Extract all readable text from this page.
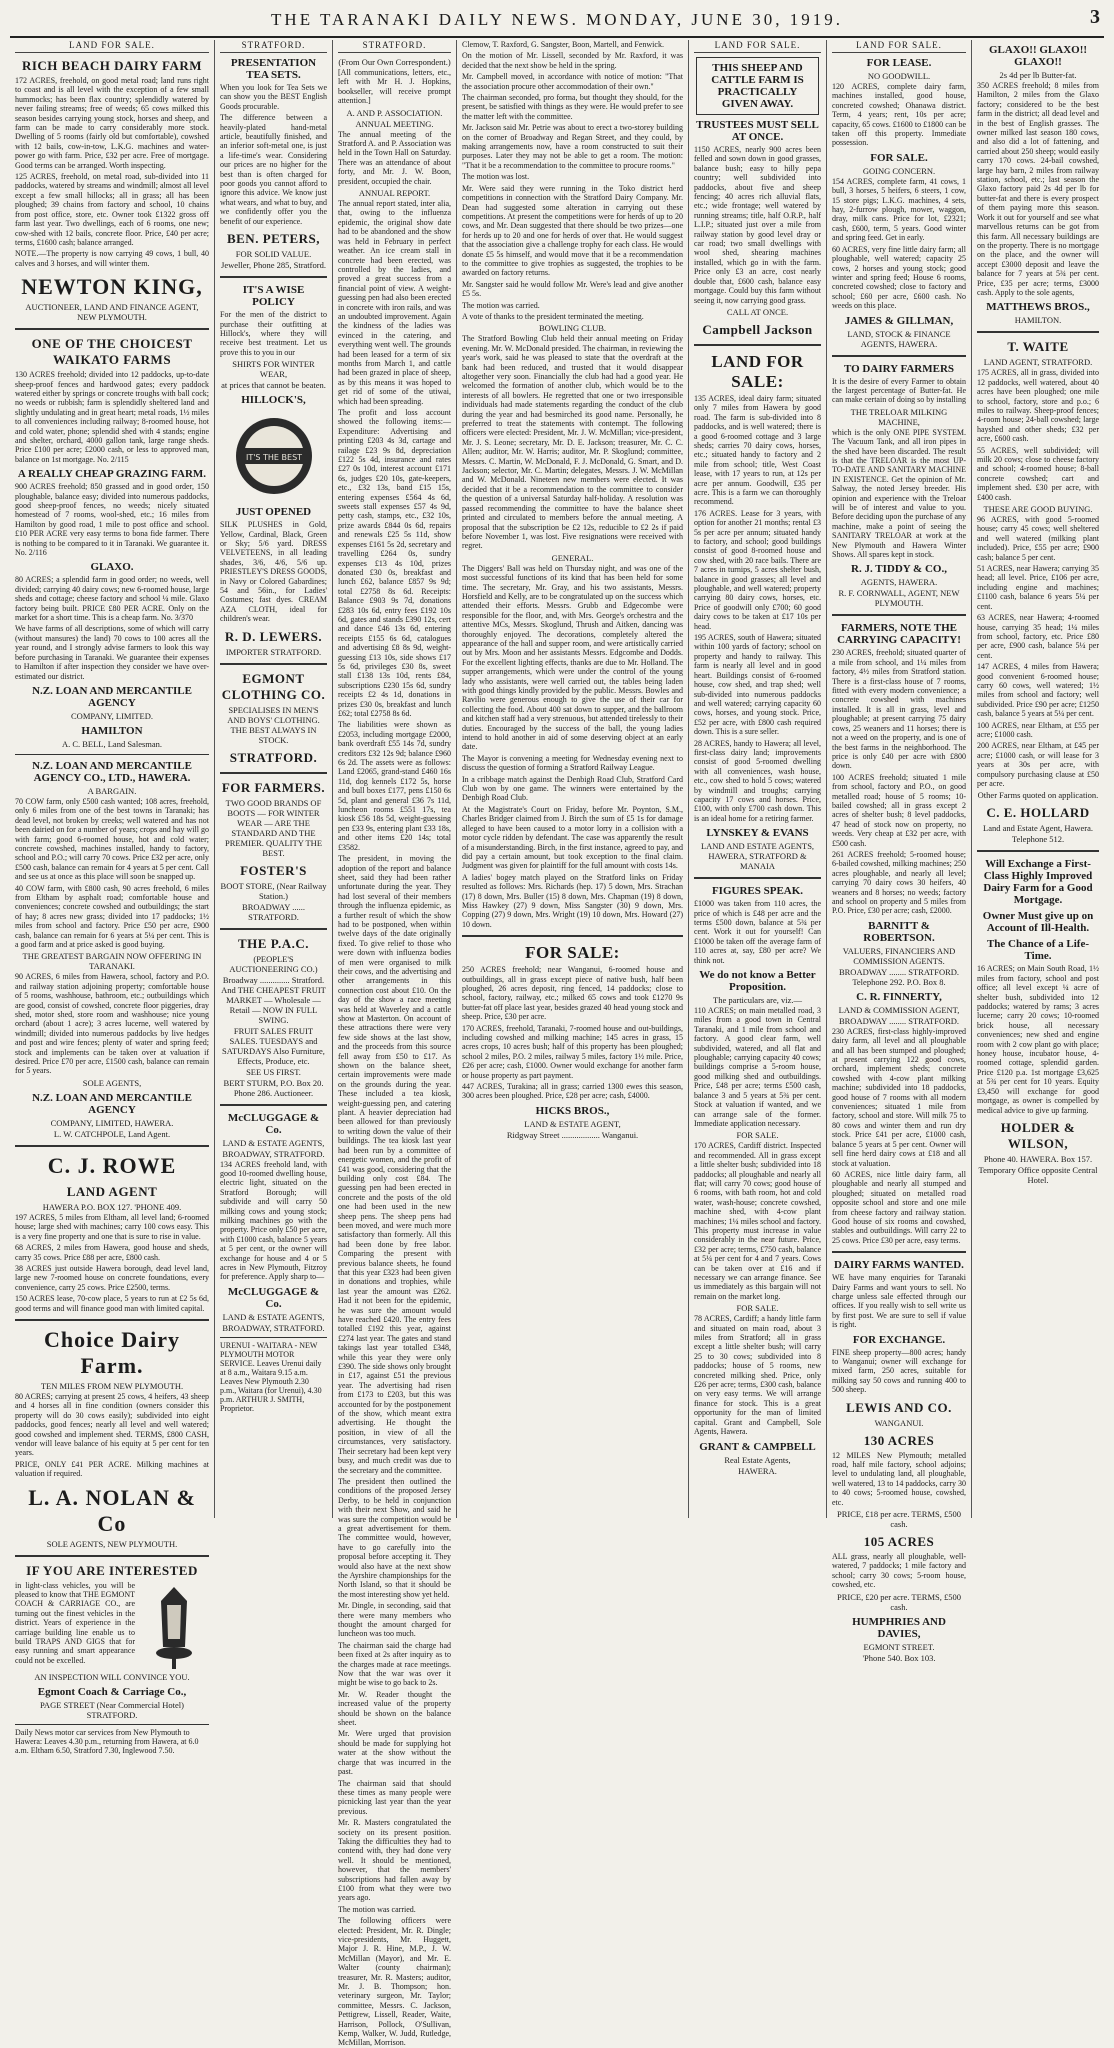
THE TARANAKI DAILY NEWS. MONDAY, JUNE 30, 1919.	3
LAND FOR SALE.
RICH BEACH DAIRY FARM

172 ACRES, freehold, on good metal road; land runs right to coast and is all level with the exception of a few small hummocks; has been flax country; splendidly watered by never failing streams; free of weeds; 65 cows milked this season besides carrying young stock, horses and sheep, and farm can be made to carry considerably more stock. Dwelling of 5 rooms (fairly old but comfortable), cowshed with 12 bails, cow-in-tow, L.K.G. machines and water-power go with farm. Price, £32 per acre. Free of mortgage. Good terms can be arranged. Worth inspecting.

125 ACRES, freehold, on metal road, sub-divided into 11 paddocks, watered by streams and windmill; almost all level except a few small hillocks; all in grass; all has been ploughed; 39 chains from factory and school, 10 chains from post office, store, etc. Owner took £1322 gross off farm last year. Two dwellings, each of 6 rooms, one new; cow-shed with 12 bails, concrete floor. Price, £40 per acre; terms, £1600 cash; balance arranged.

NOTE.—The property is now carrying 49 cows, 1 bull, 40 calves and 3 horses, and will winter them.

NEWTON KING,
AUCTIONEER, LAND AND FINANCE AGENT, NEW PLYMOUTH.
ONE OF THE CHOICEST WAIKATO FARMS

130 ACRES freehold; divided into 12 paddocks, up-to-date sheep-proof fences and hardwood gates; every paddock watered either by springs or concrete troughs with ball cock; no weeds or rubbish; farm is splendidly sheltered land and slightly undulating and in great heart; metal roads, 1½ miles to all conveniences including railway; 8-roomed house, hot and cold water, phone; splendid shed with 4 stands; engine and shelter, orchard, 4000 gallon tank, large range sheds. Price £100 per acre; £2000 cash, or less to approved man, balance on 1st mortgage. No. 2/115

A REALLY CHEAP GRAZING FARM.

900 ACRES freehold; 850 grassed and in good order, 150 ploughable, balance easy; divided into numerous paddocks, good sheep-proof fences, no weeds; nicely situated homestead of 7 rooms, wool-shed, etc.; 16 miles from Hamilton by good road, 1 mile to post office and school. £10 PER ACRE very easy terms to bona fide farmer. There is nothing to be compared to it in Taranaki. We guarantee it. No. 2/116

GLAXO.

80 ACRES; a splendid farm in good order; no weeds, well divided; carrying 40 dairy cows; new 6-roomed house, large sheds and cottage; cheese factory and school ¼ mile. Glaxo factory being built. PRICE £80 PER ACRE. Only on the market for a short time. This is a cheap farm. No. 3/370

We have farms of all descriptions, some of which will carry (without mansures) the land) 70 cows to 100 acres all the year round, and I strongly advise farmers to look this way before purchasing in Taranaki. We guarantee their expenses to Hamilton if after inspection they consider we have over-estimated our district.

N.Z. LOAN AND MERCANTILE AGENCY
COMPANY, LIMITED.
HAMILTON
A. C. BELL, Land Salesman.
N.Z. LOAN AND MERCANTILE AGENCY CO., LTD., HAWERA.
A BARGAIN.

70 COW farm, only £500 cash wanted; 108 acres, freehold, only 6 miles from one of the best towns in Taranaki; has dead level, not broken by creeks; well watered and has not been dairied on for a number of years; crops and hay will go with farm; good 6-roomed house, hot and cold water; concrete cowshed, machines installed, handy to factory, school and P.O.; will carry 70 cows. Price £32 per acre, only £500 cash, balance can remain for 4 years at 5 per cent. Call and see us at once as this place will soon be snapped up.

40 COW farm, with £800 cash, 90 acres freehold, 6 miles from Eltham by asphalt road; comfortable house and conveniences; concrete cowshed and outbuildings; the start of hay; 8 acres new grass; divided into 17 paddocks; 1½ miles from school and factory. Price £50 per acre, £900 cash, balance can remain for 6 years at 5¼ per cent. This is a good farm and at price asked is good buying.

THE GREATEST BARGAIN NOW OFFERING IN TARANAKI.

90 ACRES, 6 miles from Hawera, school, factory and P.O. and railway station adjoining property; comfortable house of 5 rooms, washhouse, bathroom, etc.; outbuildings which are good, consist of cowshed, concrete floor piggeries, dray shed, motor shed, store room and washhouse; nice young orchard (about 1 acre); 3 acres lucerne, well watered by windmill; divided into numerous paddocks by live hedges and post and wire fences; plenty of water and spring feed; stock and implements can be taken over at valuation if desired. Price £70 per acre, £1500 cash, balance can remain for 5 years.

SOLE AGENTS,
N.Z. LOAN AND MERCANTILE AGENCY
COMPANY, LIMITED, HAWERA.
L. W. CATCHPOLE, Land Agent.
C. J. ROWE
LAND AGENT
HAWERA P.O. BOX 127. 'PHONE 409.

197 ACRES, 5 miles from Eltham, all level land; 6-roomed house; large shed with machines; carry 100 cows easy. This is a very fine property and one that is sure to rise in value.

68 ACRES, 2 miles from Hawera, good house and sheds, carry 35 cows. Price £88 per acre, £800 cash.

38 ACRES just outside Hawera borough, dead level land, large new 7-roomed house on concrete foundations, every convenience, carry 25 cows. Price £2500, terms.

150 ACRES lease, 70-cow place, 5 years to run at £2 5s 6d, good terms and will finance good man with limited capital.

Choice Dairy Farm.
TEN MILES FROM NEW PLYMOUTH.

80 ACRES; carrying at present 25 cows, 4 heifers, 43 sheep and 4 horses all in fine condition (owners consider this property will do 30 cows easily); subdivided into eight paddocks, good fences; nearly all level and well watered; good cowshed and implement shed. TERMS, £800 CASH, vendor will leave balance of his equity at 5 per cent for ten years.

PRICE, ONLY £41 PER ACRE. Milking machines at valuation if required.

L. A. NOLAN & Co
SOLE AGENTS, NEW PLYMOUTH.
IF YOU ARE INTERESTED

in light-class vehicles, you will be pleased to know that THE EGMONT COACH & CARRIAGE CO., are turning out the finest vehicles in the district. Years of experience in the carriage building line enable us to build TRAPS AND GIGS that for easy running and smart appearance could not be excelled.

AN INSPECTION WILL CONVINCE YOU.
Egmont Coach & Carriage Co.,
PAGE STREET (Near Commercial Hotel) STRATFORD.
Daily News motor car services from New Plymouth to Hawera: Leaves 4.30 p.m., returning from Hawera, at 6.0 a.m. Eltham 6.50, Stratford 7.30, Inglewood 7.50.
STRATFORD.
PRESENTATION TEA SETS.

When you look for Tea Sets we can show you the BEST English Goods procurable.

The difference between a heavily-plated hand-metal article, beautifully finished, and an inferior soft-metal one, is just a life-time's wear. Considering our prices are no higher for the best than is often charged for poor goods you cannot afford to ignore this advice. We know just what wears, and what to buy, and we confidently offer you the benefit of our experience.

BEN. PETERS,
FOR SOLID VALUE.
Jeweller, Phone 285, Stratford.
IT'S A WISE POLICY

For the men of the district to purchase their outfitting at Hillock's, where they will receive best treatment. Let us prove this to you in our

SHIRTS FOR WINTER WEAR,
at prices that cannot be beaten.
HILLOCK'S,
IT'S THE BEST
JUST OPENED

SILK PLUSHES in Gold, Yellow, Cardinal, Black, Green or Sky; 5/6 yard. DRESS VELVETEENS, in all leading shades, 3/6, 4/6, 5/6 up. PRIESTLEY'S DRESS GOODS, in Navy or Colored Gabardines; 54 and 56in., for Ladies' Costumes; fast dyes. CREAM AZA CLOTH, ideal for children's wear.

R. D. LEWERS.
IMPORTER STRATFORD.
EGMONT CLOTHING CO.
SPECIALISES IN MEN'S AND BOYS' CLOTHING. THE BEST ALWAYS IN STOCK.
STRATFORD.
FOR FARMERS.
TWO GOOD BRANDS OF BOOTS — FOR WINTER WEAR — ARE THE STANDARD AND THE PREMIER. QUALITY THE BEST.
FOSTER'S
BOOT STORE, (Near Railway Station.)
BROADWAY ...... STRATFORD.
THE P.A.C.
(PEOPLE'S AUCTIONEERING CO.)
Broadway .............. Stratford. And THE CHEAPEST FRUIT MARKET — Wholesale — Retail — NOW IN FULL SWING.
FRUIT SALES FRUIT SALES. TUESDAYS and SATURDAYS Also Furniture, Effects, Produce, etc.
SEE US FIRST.
BERT STURM, P.O. Box 20. Phone 286. Auctioneer.
McCLUGGAGE & Co.
LAND & ESTATE AGENTS,
BROADWAY, STRATFORD.

134 ACRES freehold land, with good 10-roomed dwelling house, electric light, situated on the Stratford Borough; will subdivide and will carry 50 milking cows and young stock; milking machines go with the property. Price only £50 per acre, with £1000 cash, balance 5 years at 5 per cent, or the owner will exchange for house and 4 or 5 acres in New Plymouth, Fitzroy for preference. Apply sharp to—

McCLUGGAGE & Co.
LAND & ESTATE AGENTS,
BROADWAY, STRATFORD.
URENUI - WAITARA - NEW PLYMOUTH MOTOR SERVICE. Leaves Urenui daily at 8 a.m., Waitara 9.15 a.m. Leaves New Plymouth 2.30 p.m., Waitara (for Urenui), 4.30 p.m. ARTHUR J. SMITH, Proprietor.
STRATFORD.
(From Our Own Correspondent.)

[All communications, letters, etc., left with Mr H. J. Hopkins, bookseller, will receive prompt attention.]

A. AND P. ASSOCIATION.
ANNUAL MEETING.

The annual meeting of the Stratford A. and P. Association was held in the Town Hall on Saturday. There was an attendance of about forty, and Mr. J. W. Boon, president, occupied the chair.

ANNUAL REPORT.

The annual report stated, inter alia, that, owing to the influenza epidemic, the original show date had to be abandoned and the show was held in February in perfect weather. An ice cream stall in concrete had been erected, was controlled by the ladies, and proved a great success from a financial point of view. A weight-guessing pen had also been erected in concrete with iron rails, and was an undoubted improvement. Again the kindness of the ladies was evinced in the catering, and everything went well. The grounds had been leased for a term of six months from March 1, and cattle had been grazed in place of sheep, as by this means it was hoped to get rid of some of the utiwai, which had been spreading.

The profit and loss account showed the following items:—Expenditure: Advertising and printing £203 4s 3d, cartage and railage £23 9s 8d, depreciation £122 5s 4d, insurance and rates £27 0s 10d, interest account £171 6s, judges £20 10s, gate-keepers, etc., £32 13s, band £15 15s, entering expenses £564 4s 6d, sweets stall expenses £57 4s 9d, petty cash, stamps, etc., £32 10s, prize awards £844 0s 6d, repairs and renewals £25 5s 11d, show expenses £161 5s 2d, secretary and travelling £264 0s, sundry expenses £13 4s 10d, prizes donated £30 0s, breakfast and lunch £62, balance £857 9s 9d; total £2758 8s 6d. Receipts: Balance £903 9s 7d, donations £283 10s 6d, entry fees £192 10s 6d, gates and stands £390 12s, cert and dance £46 13s 6d, entering receipts £155 6s 6d, catalogues and advertising £8 8s 9d, weight-guessing £13 10s, side shows £17 5s 6d, privileges £30 8s, sweet stall £138 13s 10d, rents £84, subscriptions £230 15s 6d, sundry receipts £2 4s 1d, donations in prizes £30 0s, breakfast and lunch £62; total £2758 8s 6d.

The liabilities were shown as £2053, including mortgage £2000, bank overdraft £55 14s 7d, sundry creditors £32 12s 9d; balance £960 6s 2d. The assets were as follows: Land £2065, grand-stand £460 16s 11d, dog kennels £172 5s, horse and bull boxes £177, pens £150 6s 5d, plant and general £36 7s 11d, luncheon rooms £551 17s, tea kiosk £56 18s 5d, weight-guessing pen £33 9s, entering plant £33 18s, and other items £20 14s; total £3582.

The president, in moving the adoption of the report and balance sheet, said they had been rather unfortunate during the year. They had lost several of their members through the influenza epidemic, as a further result of which the show had to be postponed, when within twelve days of the date originally fixed. To give relief to those who were down with influenza bodies of men were organised to milk their cows, and the advertising and other arrangements in this connection cost about £10. On the day of the show a race meeting was held at Waverley and a cattle show at Masterton. On account of these attractions there were very few side shows at the last show, and the proceeds from this source fell away from £50 to £17. As shown on the balance sheet, certain improvements were made on the grounds during the year. These included a tea kiosk, weight-guessing pen, and catering plant. A heavier depreciation had been allowed for than previously to writing down the value of their buildings. The tea kiosk last year had been run by a committee of energetic women, and the profit of £41 was good, considering that the building only cost £84. The guessing pen had been erected in concrete and the posts of the old one had been used in the new sheep pens. The sheep pens had been moved, and were much more satisfactory than formerly. All this had been done by free labor. Comparing the present with previous balance sheets, he found that this year £323 had been given in donations and trophies, while last year the amount was £262. Had it not been for the epidemic, he was sure the amount would have reached £420. The entry fees totalled £192 this year, against £274 last year. The gates and stand takings last year totalled £348, while this year they were only £390. The side shows only brought in £17, against £51 the previous year. The advertising had risen from £173 to £203, but this was accounted for by the postponement of the show, which meant extra advertising. He thought the position, in view of all the circumstances, very satisfactory. Their secretary had been kept very busy, and much credit was due to the secretary and the committee.

The president then outlined the conditions of the proposed Jersey Derby, to be held in conjunction with their next Show, and said he was sure the competition would be a great advertisement for them. The committee would, however, have to go carefully into the proposal before accepting it. They would also have at the next show the Ayrshire championships for the North Island, so that it should be the most interesting show yet held.

Mr. Dingle, in seconding, said that there were many members who thought the amount charged for luncheon was too much.

The chairman said the charge had been fixed at 2s after inquiry as to the charges made at race meetings. Now that the war was over it might be wise to go back to 2s.

Mr. W. Reader thought the increased value of the property should be shown on the balance sheet.

Mr. Were urged that provision should be made for supplying hot water at the show without the charge that was incurred in the past.

The chairman said that should these times as many people were picnicking last year than the year previous.

Mr. R. Masters congratulated the society on its present position. Taking the difficulties they had to contend with, they had done very well. It should be mentioned, however, that the members' subscriptions had fallen away by £100 from what they were two years ago.

The motion was carried.

The following officers were elected: President, Mr. R. Dingle; vice-presidents, Mr. Huggett, Major J. R. Hine, M.P., J. W. McMillan (Mayor), and Mr. E. Walter (county chairman); treasurer, Mr. R. Masters; auditor, Mr. J. B. Thompson; hon. veterinary surgeon, Mr. Taylor; committee, Messrs. C. Jackson, Pettigrew, Lissell, Reader, Waite, Harrison, Pollock, O'Sullivan, Kemp, Walker, W. Judd, Rutledge, McMillan, Morrison.

Clemow, T. Raxford, G. Sangster, Boon, Martell, and Fenwick.

On the motion of Mr. Lissell, seconded by Mr. Raxford, it was decided that the next show be held in the spring.

Mr. Campbell moved, in accordance with notice of motion: "That the association procure other accommodation of their own."

The chairman seconded, pro forma, but thought they should, for the present, be satisfied with things as they were. He would prefer to see the matter left with the committee.

Mr. Jackson said Mr. Petrie was about to erect a two-storey building on the corner of Broadway and Regan Street, and they could, by making arrangements now, have a room constructed to suit their purposes. Later they may not be able to get a room. The motion: "That it be a recommendation to the committee to procure rooms."

The motion was lost.

Mr. Were said they were running in the Toko district herd competitions in connection with the Stratford Dairy Company. Mr. Dean had suggested some alteration in carrying out these competitions. At present the competitions were for herds of up to 20 cows, and Mr. Dean suggested that there should be two prizes—one for herds up to 20 and one for herds of over that. He would suggest that the association give a challenge trophy for each class. He would donate £5 5s himself, and would move that it be a recommendation to the committee to give trophies as suggested, the trophies to be awarded on factory returns.

Mr. Sangster said he would follow Mr. Were's lead and give another £5 5s.

The motion was carried.

A vote of thanks to the president terminated the meeting.

BOWLING CLUB.

The Stratford Bowling Club held their annual meeting on Friday evening. Mr. W. McDonald presided. The chairman, in reviewing the year's work, said he was pleased to state that the overdraft at the bank had been reduced, and trusted that it would disappear altogether very soon. Financially the club had had a good year. He welcomed the formation of another club, which would be to the interests of all bowlers. He regretted that one or two irresponsible individuals had made statements regarding the conduct of the club during the year and had besmirched its good name. Personally, he preferred to treat the statements with contempt. The following officers were elected: President, Mr. J. W. McMillan; vice-president, Mr. J. S. Leone; secretary, Mr. D. E. Jackson; treasurer, Mr. C. C. Allen; auditor, Mr. W. Harris; auditor, Mr. P. Skoglund; committee, Messrs. C. Martin, W. McDonald, F. J. McDonald, G. Smart, and D. Jackson; selector, Mr. C. Martin; delegates, Messrs. J. W. McMillan and W. McDonald. Nineteen new members were elected. It was decided that it be a recommendation to the committee to consider the question of a universal Saturday half-holiday. A resolution was passed recommending the committee to have the balance sheet printed and circulated to members before the annual meeting. A proposal that the subscription be £2 12s, reducible to £2 2s if paid before November 1, was lost. Five resignations were received with regret.

GENERAL.

The Diggers' Ball was held on Thursday night, and was one of the most successful functions of its kind that has been held for some time. The secretary, Mr. Gray, and his two assistants, Messrs. Horsfield and Kelly, are to be congratulated up on the success which attended their efforts. Messrs. Grubb and Edgecombe were responsible for the floor, and, with Mrs. George's orchestra and the attentive MCs, Messrs. Skoglund, Thrush and Aitken, dancing was thoroughly enjoyed. The decorations, completely altered the appearance of the hall and supper room, and were artistically carried out by Mrs. Moon and her assistants Messrs. Edgcombe and Dodds. For the excellent lighting effects, thanks are due to Mr. Holland. The supper arrangements, which were under the control of the young lady who assistants, were well carried out, the tables being laden with good things kindly provided by the public. Messrs. Bowles and Ravilio were generous enough to give the use of their car for collecting the food. About 400 sat down to supper, and the ballroom and kitchen staff had a very strenuous, but attended tirelessly to their duties. Encouraged by the success of the ball, the young ladies intend to hold another in aid of some deserving object at an early date.

The Mayor is convening a meeting for Wednesday evening next to discuss the question of forming a Stratford Railway League.

In a cribbage match against the Denbigh Road Club, Stratford Card Club won by one game. The winners were entertained by the Denbigh Road Club.

At the Magistrate's Court on Friday, before Mr. Poynton, S.M., Charles Bridger claimed from J. Birch the sum of £5 1s for damage alleged to have been caused to a motor lorry in a collision with a motor cycle ridden by defendant. The case was apparently the result of a misunderstanding. Birch, in the first instance, agreed to pay, and did pay a certain amount, but took exception to the final claim. Judgment was given for plaintiff for the full amount with costs 14s.

A ladies' bogey match played on the Stratford links on Friday resulted as follows: Mrs. Richards (hep. 17) 5 down, Mrs. Strachan (17) 8 down, Mrs. Buller (15) 8 down, Mrs. Chapman (19) 8 down, Miss Hawkey (27) 9 down, Miss Sangster (30) 9 down, Mrs. Copping (27) 9 down, Mrs. Wright (19) 10 down, Mrs. Howard (27) 10 down.

FOR SALE:

250 ACRES freehold; near Wanganui, 6-roomed house and outbuildings, all in grass except piece of native bush, half been ploughed, 26 acres deposit, ring fenced, 14 paddocks; close to school, factory, railway, etc.; milked 65 cows and took £1270 9s butter-fat off place last year, besides grazed 40 head young stock and sheep. Price, £30 per acre.

170 ACRES, freehold, Taranaki, 7-roomed house and out-buildings, including cowshed and milking machine; 145 acres in grass, 15 acres crops, 10 acres bush; half of this property has been ploughed; school 2 miles, P.O. 2 miles, railway 5 miles, factory 1½ mile. Price, £26 per acre; cash, £1000. Owner would exchange for another farm or house property as part payment.

447 ACRES, Turakina; all in grass; carried 1300 ewes this season, 300 acres been ploughed. Price, £28 per acre; cash, £4000.

HICKS BROS.,
LAND & ESTATE AGENT,
Ridgway Street .................. Wanganui.
LAND FOR SALE.
THIS SHEEP AND CATTLE FARM IS PRACTICALLY GIVEN AWAY.
TRUSTEES MUST SELL AT ONCE.

1150 ACRES, nearly 900 acres been felled and sown down in good grasses, balance bush; easy to hilly pepa country; well subdivided into paddocks, about five and sheep fencing; 40 acres rich alluvial flats, etc.; wide frontage; well watered by running streams; title, half O.R.P., half L.I.P.; situated just over a mile from railway station by good level dray or car road; two small dwellings with wool shed, shearing machines installed, which go in with the farm. Price only £3 an acre, cost nearly double that, £600 cash, balance easy mortgage. Could buy this farm without seeing it, now carrying good grass.

CALL AT ONCE.
Campbell Jackson
LAND FOR SALE:

135 ACRES, ideal dairy farm; situated only 7 miles from Hawera by good road. The farm is sub-divided into 8 paddocks, and is well watered; there is a good 6-roomed cottage and 3 large sheds; carries 70 dairy cows, horses, etc.; situated handy to factory and 2 mile from school; title, West Coast lease, with 17 years to run, at 12s per acre per annum. Goodwill, £35 per acre. This is a farm we can thoroughly recommend.

176 ACRES. Lease for 3 years, with option for another 21 months; rental £3 5s per acre per annum; situated handy to factory, and school; good buildings consist of good 8-roomed house and cow shed, with 20 race bails. There are 7 acres in turnips, 5 acres shelter bush, balance in good grasses; all level and ploughable, and well watered; property carrying 80 dairy cows, horses, etc. Price of goodwill only £700; 60 good dairy cows to be taken at £17 10s per head.

195 ACRES, south of Hawera; situated within 100 yards of factory; school on property and handy to railway. This farm is nearly all level and in good heart. Buildings consist of 6-roomed house, cow shed, and trap shed; well sub-divided into numerous paddocks and well watered; carrying capacity 60 cows, horses, and young stock. Price, £52 per acre, with £800 cash required down. This is a sure seller.

28 ACRES, handy to Hawera; all level, first-class dairy land; improvements consist of good 5-roomed dwelling with all conveniences, wash house, etc., cow shed to hold 5 cows; watered by windmill and troughs; carrying capacity 17 cows and horses. Price, £100, with only £700 cash down. This is an ideal home for a retiring farmer.

LYNSKEY & EVANS
LAND AND ESTATE AGENTS, HAWERA, STRATFORD & MANAIA
FIGURES SPEAK.

£1000 was taken from 110 acres, the price of which is £48 per acre and the terms £500 down, balance at 5¾ per cent. Work it out for yourself! Can £1000 be taken off the average farm of 110 acres at, say, £80 per acre? We think not.

We do not know a Better Proposition.
The particulars are, viz.—

110 ACRES; on main metalled road, 3 miles from a good town in Central Taranaki, and 1 mile from school and factory. A good clear farm, well subdivided, watered, and all flat and ploughable; carrying capacity 40 cows; buildings comprise a 5-room house, good milking shed and outbuildings. Price, £48 per acre; terms £500 cash, balance 3 and 5 years at 5¾ per cent. Stock at valuation if wanted, and we can arrange sale of the former. Immediate application necessary.

FOR SALE.

170 ACRES, Cardiff district. Inspected and recommended. All in grass except a little shelter bush; subdivided into 18 paddocks; all ploughable and nearly all flat; will carry 70 cows; good house of 6 rooms, with bath room, hot and cold water, wash-house; concrete cowshed, machine shed, with 4-cow plant machines; 1¼ miles school and factory. This property must increase in value considerably in the near future. Price, £32 per acre; terms, £750 cash, balance at 5¼ per cent for 4 and 7 years. Cows can be taken over at £16 and if necessary we can arrange finance. See us immediately as this bargain will not remain on the market long.

FOR SALE.

78 ACRES, Cardiff; a handy little farm and situated on main road, about 3 miles from Stratford; all in grass except a little shelter bush; will carry 25 to 30 cows; subdivided into 8 paddocks; house of 5 rooms, new concreted milking shed. Price, only £26 per acre; terms, £300 cash, balance on very easy terms. We will arrange finance for stock. This is a great opportunity for the man of limited capital. Grant and Campbell, Sole Agents, Hawera.

GRANT & CAMPBELL
Real Estate Agents,
HAWERA.
LAND FOR SALE.
FOR LEASE.
NO GOODWILL.

120 ACRES, complete dairy farm, machines installed, good house, concreted cowshed; Ohanawa district. Term, 4 years; rent, 10s per acre; capacity, 65 cows. £1600 to £1800 can be taken off this property. Immediate possession.

FOR SALE.
GOING CONCERN.

154 ACRES, complete farm, 41 cows, 1 bull, 3 horses, 5 heifers, 6 steers, 1 cow, 15 store pigs; L.K.G. machines, 4 sets, hay, 2-furrow plough, mower, waggon, dray, milk cans. Price for lot, £2321; cash, £600, term, 5 years. Good winter and spring feed. Get in early.

60 ACRES, very fine little dairy farm; all ploughable, well watered; capacity 25 cows, 2 horses and young stock; good winter and spring feed; House 6 rooms, concreted cowshed; close to factory and school; £60 per acre, £600 cash. No weeds on this place.

JAMES & GILLMAN,
LAND, STOCK & FINANCE AGENTS, HAWERA.
TO DAIRY FARMERS

It is the desire of every Farmer to obtain the largest percentage of Butter-fat. He can make certain of doing so by installing

THE TRELOAR MILKING MACHINE,

which is the only ONE PIPE SYSTEM. The Vacuum Tank, and all iron pipes in the shed have been discarded. The result is that the TRELOAR is the most UP-TO-DATE AND SANITARY MACHINE IN EXISTENCE. Get the opinion of Mr. Salway, the noted Jersey breeder. His opinion and experience with the Treloar will be of interest and value to you. Before deciding upon the purchase of any machine, make a point of seeing the SANITARY TRELOAR at work at the New Plymouth and Hawera Winter Shows. All spares kept in stock.

R. J. TIDDY & CO.,
AGENTS, HAWERA.
R. F. CORNWALL, AGENT, NEW PLYMOUTH.
FARMERS, NOTE THE CARRYING CAPACITY!

230 ACRES, freehold; situated quarter of a mile from school, and 1¼ miles from factory, 4½ miles from Stratford station. There is a first-class house of 7 rooms, fitted with every modern convenience; a concrete cowshed with machines installed. It is all in grass, level and ploughable; at present carrying 75 dairy cows, 25 weaners and 11 horses; there is not a weed on the property, and is one of the best farms in the neighborhood. The price is only £40 per acre with £800 down.

100 ACRES freehold; situated 1 mile from school, factory and P.O., on good metalled road; house of 5 rooms; 10-bailed cowshed; all in grass except 2 acres of shelter bush; 8 level paddocks, 47 head of stock now on property, no weeds. Very cheap at £32 per acre, with £500 cash.

261 ACRES freehold; 5-roomed house; 6-bailed cowshed, milking machines; 250 acres ploughable, and nearly all level; carrying 70 dairy cows 30 heifers, 40 weaners and 8 horses; no weeds; factory and school on property and 5 miles from P.O. Price, £30 per acre; cash, £2000.

BARNITT & ROBERTSON.
VALUERS, FINANCIERS AND COMMISSION AGENTS.
BROADWAY ........ STRATFORD. Telephone 292. P.O. Box 8.
C. R. FINNERTY,
LAND & COMMISSION AGENT,
BROADWAY ........ STRATFORD.

230 ACRES, first-class highly-improved dairy farm, all level and all ploughable and all has been stumped and ploughed; at present carrying 122 good cows, orchard, implement sheds; concrete cowshed with 4-cow plant milking machine; subdivided into 18 paddocks, good house of 7 rooms with all modern conveniences; situated 1 mile from factory, school and store. Will milk 75 to 80 cows and winter them and run dry stock. Price £41 per acre, £1000 cash, balance 5 years at 5 per cent. Owner will sell fine herd dairy cows at £18 and all stock at valuation.

60 ACRES, nice little dairy farm, all ploughable and nearly all stumped and ploughed; situated on metalled road opposite school and store and one mile from cheese factory and railway station. Good house of six rooms and cowshed, stables and outbuildings. Will carry 22 to 25 cows. Price £30 per acre, easy terms.

DAIRY FARMS WANTED.

WE have many enquiries for Taranaki Dairy Farms and want yours to sell. No charge unless sale effected through our offices. If you really wish to sell write us by first post. We are sure to sell if value is right.

FOR EXCHANGE.

FINE sheep property—800 acres; handy to Wanganui; owner will exchange for mixed farm, 250 acres, suitable for milking say 50 cows and running 400 to 500 sheep.

LEWIS AND CO.
WANGANUI.
130 ACRES

12 MILES New Plymouth; metalled road, half mile factory, school adjoins; level to undulating land, all ploughable, well watered, 13 to 14 paddocks, carry 30 to 40 cows; 5-roomed house, cowshed, etc.

PRICE, £18 per acre. TERMS, £500 cash.
105 ACRES

ALL grass, nearly all ploughable, well-watered, 7 paddocks; 1 mile factory and school; carry 30 cows; 5-room house, cowshed, etc.

PRICE, £20 per acre. TERMS, £500 cash.
HUMPHRIES AND DAVIES,
EGMONT STREET.
'Phone 540. Box 103.
GLAXO!! GLAXO!! GLAXO!!
2s 4d per lb Butter-fat.

350 ACRES freehold; 8 miles from Hamilton, 2 miles from the Glaxo factory; considered to be the best farm in the district; all dead level and in the best of English grasses. The owner milked last season 180 cows, and also did a lot of fattening, and carried about 250 sheep; would easily carry 170 cows. 24-bail cowshed, large hay barn, 2 miles from railway station, school, etc.; last season the Glaxo factory paid 2s 4d per lb for butter-fat and there is every prospect of them paying more this season. Work it out for yourself and see what marvellous returns can be got from this farm. All necessary buildings are on the property. There is no mortgage on the place, and the owner will accept £3000 deposit and leave the balance for 7 years at 5¾ per cent. Price, £35 per acre; terms, £3000 cash. Apply to the sole agents,

MATTHEWS BROS.,
HAMILTON.
T. WAITE
LAND AGENT, STRATFORD.

175 ACRES, all in grass, divided into 12 paddocks, well watered, about 40 acres have been ploughed; one mile to school, factory, store and p.o.; 6 miles to railway. Sheep-proof fences; 4-room house; 24-ball cowshed; large hayshed and other sheds; £32 per acre, £600 cash.

55 ACRES, well subdivided; will milk 20 cows; close to cheese factory and school; 4-roomed house; 8-ball concrete cowshed; cart and implement shed. £30 per acre, with £400 cash.

THESE ARE GOOD BUYING.

96 ACRES, with good 5-roomed house; carry 45 cows; well sheltered and well watered (milking plant included). Price, £55 per acre; £900 cash; balance 5 per cent.

51 ACRES, near Hawera; carrying 35 head; all level. Price, £106 per acre, including engine and machines; £1100 cash, balance 6 years 5¼ per cent.

63 ACRES, near Hawera; 4-roomed house, carrying 35 head; 1¼ miles from school, factory, etc. Price £80 per acre, £900 cash, balance 5¼ per cent.

147 ACRES, 4 miles from Hawera; good convenient 6-roomed house; carry 60 cows, well watered; 1½ miles from school and factory; well subdivided. Price £90 per acre; £1250 cash, balance 5 years at 5¼ per cent.

100 ACRES, near Eltham, at £55 per acre; £1000 cash.

200 ACRES, near Eltham, at £45 per acre; £1000 cash, or will lease for 3 years at 30s per acre, with compulsory purchasing clause at £50 per acre.

Other Farms quoted on application.
C. E. HOLLARD
Land and Estate Agent, Hawera.
Telephone 512.
Will Exchange a First-Class Highly Improved Dairy Farm for a Good Mortgage.
Owner Must give up on Account of Ill-Health.
The Chance of a Life-Time.

16 ACRES; on Main South Road, 1½ miles from factory, school and post office; all level except ¼ acre of shelter bush, subdivided into 12 paddocks; watered by rams; 3 acres lucerne; carry 20 cows; 10-roomed brick house, all necessary conveniences; new shed and engine room with 2 cow plant go with place; honey house, incubator house, 4-roomed cottage, splendid garden. Price £120 p.a. 1st mortgage £3,625 at 5¾ per cent for 10 years. Equity £3,450 will exchange for good mortgage, as owner is compelled by medical advice to give up farming.

HOLDER & WILSON,
Phone 40. HAWERA. Box 157.
Temporary Office opposite Central Hotel.
